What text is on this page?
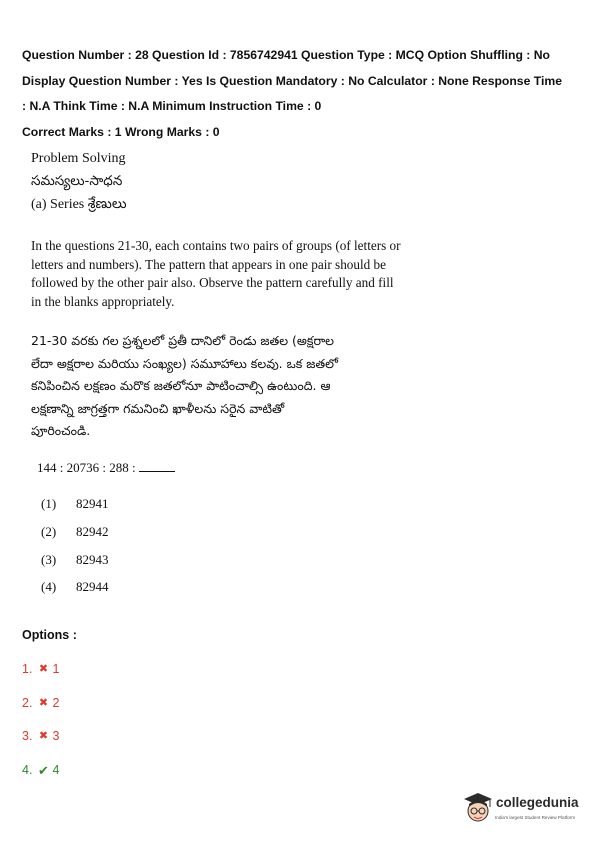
Question Number : 28 Question Id : 7856742941 Question Type : MCQ Option Shuffling : No

Display Question Number : Yes Is Question Mandatory : No Calculator : None Response Time

: N.A Think Time : N.A Minimum Instruction Time : 0

Correct Marks : 1 Wrong Marks : 0

Problem Solving
సమస్యలు-సాధన
(a) Series శ్రేణులు
In the questions 21-30, each contains two pairs of groups (of letters or
letters and numbers). The pattern that appears in one pair should be
followed by the other pair also. Observe the pattern carefully and fill
in the blanks appropriately.
21-30 వరకు గల ప్రశ్నలలో ప్రతీ దానిలో రెండు జతల (అక్షరాల
లేదా అక్షరాల మరియు సంఖ్యల) సమూహాలు కలవు. ఒక జతలో
కనిపించిన లక్షణం మరొక జతలోనూ పాటించాల్సి ఉంటుంది. ఆ
లక్షణాన్ని జాగ్రత్తగా గమనించి ఖాళీలను సరైన వాటితో
పూరించండి.
144 : 20736 : 288 :
(1)	82941
(2)	82942
(3)	82943
(4)	82944
Options :
1. ✖ 1
2. ✖ 2
3. ✖ 3
4. ✔ 4
collegedunia
India's largest Student Review Platform
